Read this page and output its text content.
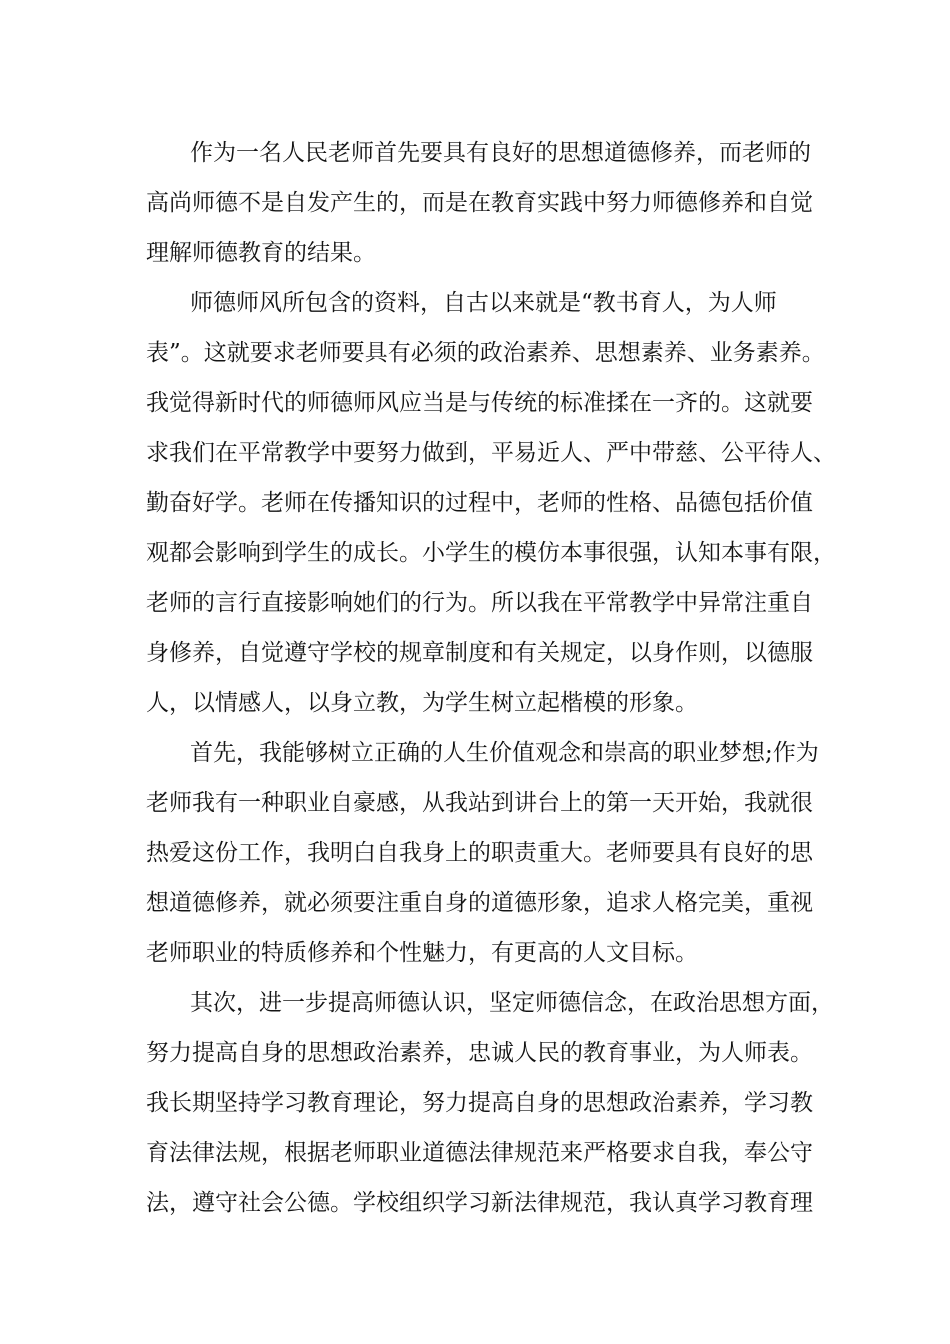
作为一名人民老师首先要具有良好的思想道德修养，而老师的

高尚师德不是自发产生的，而是在教育实践中努力师德修养和自觉

理解师德教育的结果。

师德师风所包含的资料，自古以来就是“教书育人，为人师

表”。这就要求老师要具有必须的政治素养、思想素养、业务素养。

我觉得新时代的师德师风应当是与传统的标准揉在一齐的。这就要

求我们在平常教学中要努力做到，平易近人、严中带慈、公平待人、

勤奋好学。老师在传播知识的过程中，老师的性格、品德包括价值

观都会影响到学生的成长。小学生的模仿本事很强，认知本事有限，

老师的言行直接影响她们的行为。所以我在平常教学中异常注重自

身修养，自觉遵守学校的规章制度和有关规定，以身作则，以德服

人，以情感人，以身立教，为学生树立起楷模的形象。

首先，我能够树立正确的人生价值观念和崇高的职业梦想;作为

老师我有一种职业自豪感，从我站到讲台上的第一天开始，我就很

热爱这份工作，我明白自我身上的职责重大。老师要具有良好的思

想道德修养，就必须要注重自身的道德形象，追求人格完美，重视

老师职业的特质修养和个性魅力，有更高的人文目标。

其次，进一步提高师德认识，坚定师德信念，在政治思想方面，

努力提高自身的思想政治素养，忠诚人民的教育事业，为人师表。

我长期坚持学习教育理论，努力提高自身的思想政治素养，学习教

育法律法规，根据老师职业道德法律规范来严格要求自我，奉公守

法，遵守社会公德。学校组织学习新法律规范，我认真学习教育理
